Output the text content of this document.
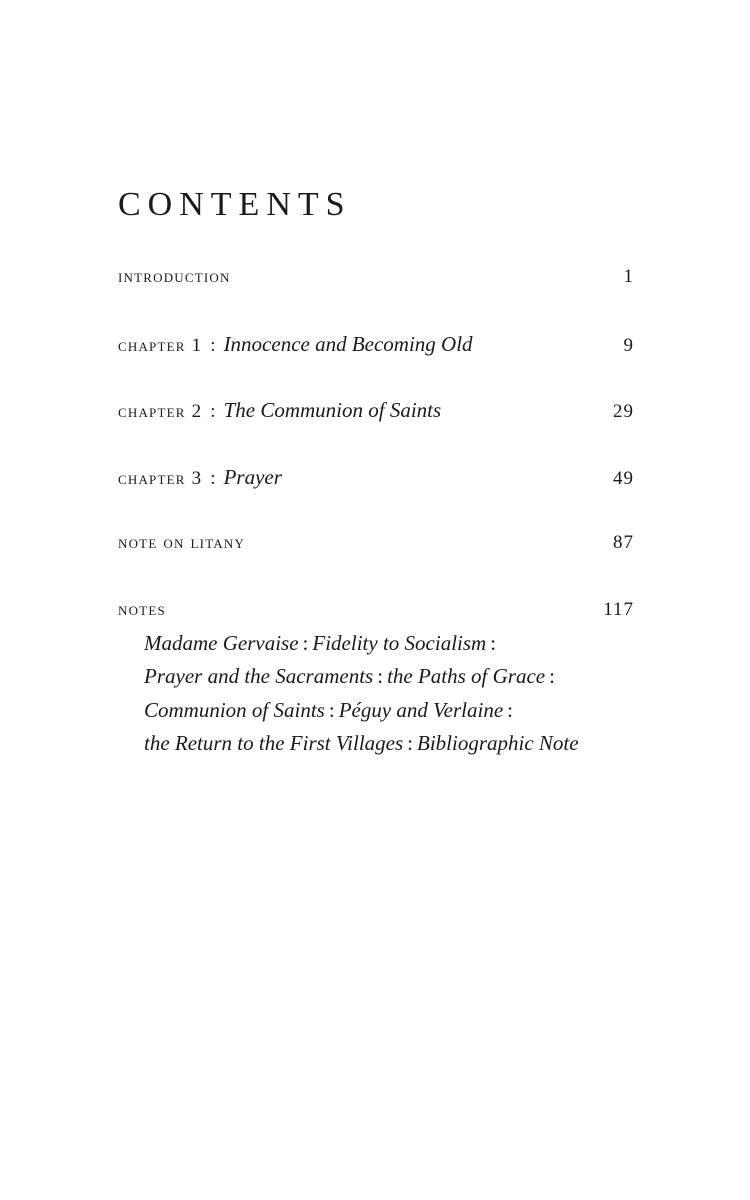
CONTENTS
introduction	1
chapter 1 : Innocence and Becoming Old	9
chapter 2 : The Communion of Saints	29
chapter 3 : Prayer	49
note on litany	87
notes	117
Madame Gervaise : Fidelity to Socialism :
Prayer and the Sacraments : the Paths of Grace :
Communion of Saints : Péguy and Verlaine :
the Return to the First Villages : Bibliographic Note
